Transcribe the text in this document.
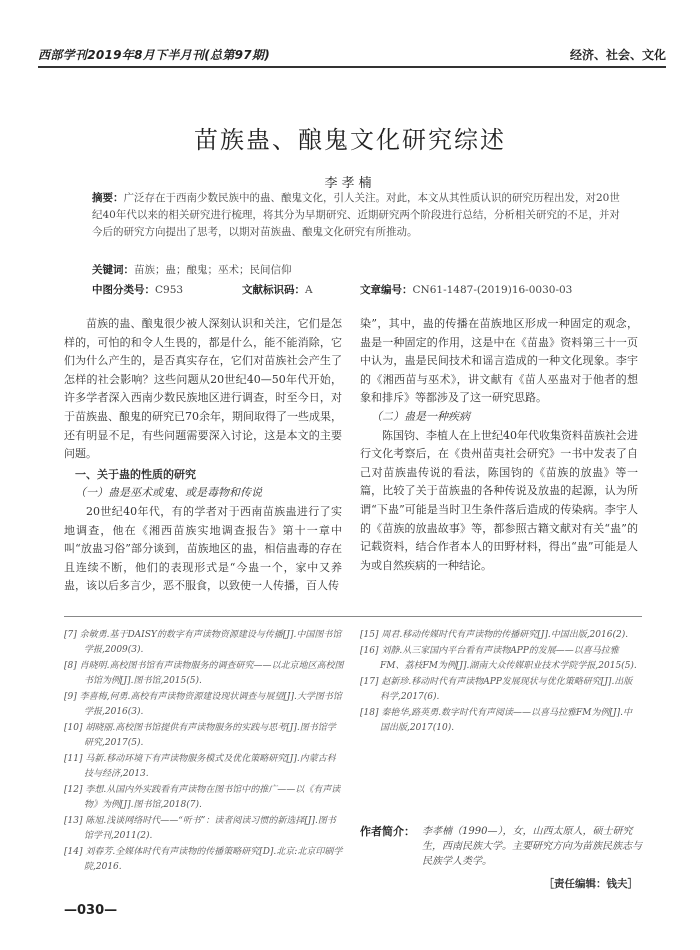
西部学刊2019年8月下半月刊(总第97期)	经济、社会、文化
苗族蛊、酿鬼文化研究综述
李孝楠
摘要：广泛存在于西南少数民族中的蛊、酿鬼文化，引人关注。对此，本文从其性质认识的研究历程出发，对20世纪40年代以来的相关研究进行梳理，将其分为早期研究、近期研究两个阶段进行总结，分析相关研究的不足，并对今后的研究方向提出了思考，以期对苗族蛊、酿鬼文化研究有所推动。
关键词：苗族；蛊；酿鬼；巫术；民间信仰
中图分类号：C953	文献标识码：A	文章编号：CN61-1487-(2019)16-0030-03

苗族的蛊、酿鬼很少被人深刻认识和关注，它们是怎样的，可怕的和令人生畏的，都是什么，能不能消除，它们为什么产生的，是否真实存在，它们对苗族社会产生了怎样的社会影响？这些问题从20世纪40—50年代开始，许多学者深入西南少数民族地区进行调查，时至今日，对于苗族蛊、酿鬼的研究已70余年，期间取得了一些成果，还有明显不足，有些问题需要深入讨论，这是本文的主要问题。

一、关于蛊的性质的研究
（一）蛊是巫术或鬼、或是毒物和传说

20世纪40年代，有的学者对于西南苗族蛊进行了实地调查，他在《湘西苗族实地调查报告》第十一章中叫“放蛊习俗”部分谈到，苗族地区的蛊，相信蛊毒的存在且连续不断，他们的表现形式是“今蛊一个，家中又养蛊，该以后多言少，恶不服食，以致使一人传播，百人传

染”，其中，蛊的传播在苗族地区形成一种固定的观念，蛊是一种固定的作用，这是中在《苗蛊》资料第三十一页中认为，蛊是民间技术和谣言造成的一种文化现象。李宇的《湘西苗与巫术》，讲文献有《苗人巫蛊对于他者的想象和排斥》等都涉及了这一研究思路。

（二）蛊是一种疾病

陈国钧、李植人在上世纪40年代收集资料苗族社会进行文化考察后，在《贵州苗夷社会研究》一书中发表了自己对苗族蛊传说的看法，陈国钧的《苗族的放蛊》等一篇，比较了关于苗族蛊的各种传说及放蛊的起源，认为所谓“下蛊”可能是当时卫生条件落后造成的传染病。李宇人的《苗族的放蛊故事》等，都参照古籍文献对有关“蛊”的记载资料，结合作者本人的田野材料，得出“蛊”可能是人为或自然疾病的一种结论。

[7] 余敏勇.基于DAISY的数字有声读物资源建设与传播[J].中国图书馆学报,2009(3).
[8] 肖晓明.高校图书馆有声读物服务的调查研究——以北京地区高校图书馆为例[J].图书馆,2015(5).
[9] 李喜梅,何勇.高校有声读物资源建设现状调查与展望[J].大学图书馆学报,2016(3).
[10] 胡晓丽.高校图书馆提供有声读物服务的实践与思考[J].图书馆学研究,2017(5).
[11] 马新.移动环境下有声读物服务模式及优化策略研究[J].内蒙古科技与经济,2013.
[12] 李想.从国内外实践看有声读物在图书馆中的推广——以《有声读物》为例[J].图书馆,2018(7).
[13] 陈旭.浅谈网络时代——“听书”：读者阅读习惯的新选择[J].图书馆学刊,2011(2).
[14] 刘春芳.全媒体时代有声读物的传播策略研究[D].北京:北京印刷学院,2016.
[15] 周君.移动传媒时代有声读物的传播研究[J].中国出版,2016(2).
[16] 刘静.从三家国内平台看有声读物APP的发展——以喜马拉雅FM、荔枝FM为例[J].湖南大众传媒职业技术学院学报,2015(5).
[17] 赵新珍.移动时代有声读物APP发展现状与优化策略研究[J].出版科学,2017(6).
[18] 秦艳华,路英勇.数字时代有声阅读——以喜马拉雅FM为例[J].中国出版,2017(10).
作者简介： 李孝楠（1990—），女，山西太原人，硕士研究生，西南民族大学。主要研究方向为苗族民族志与民族学人类学。
［责任编辑：钱夫］
—030—
